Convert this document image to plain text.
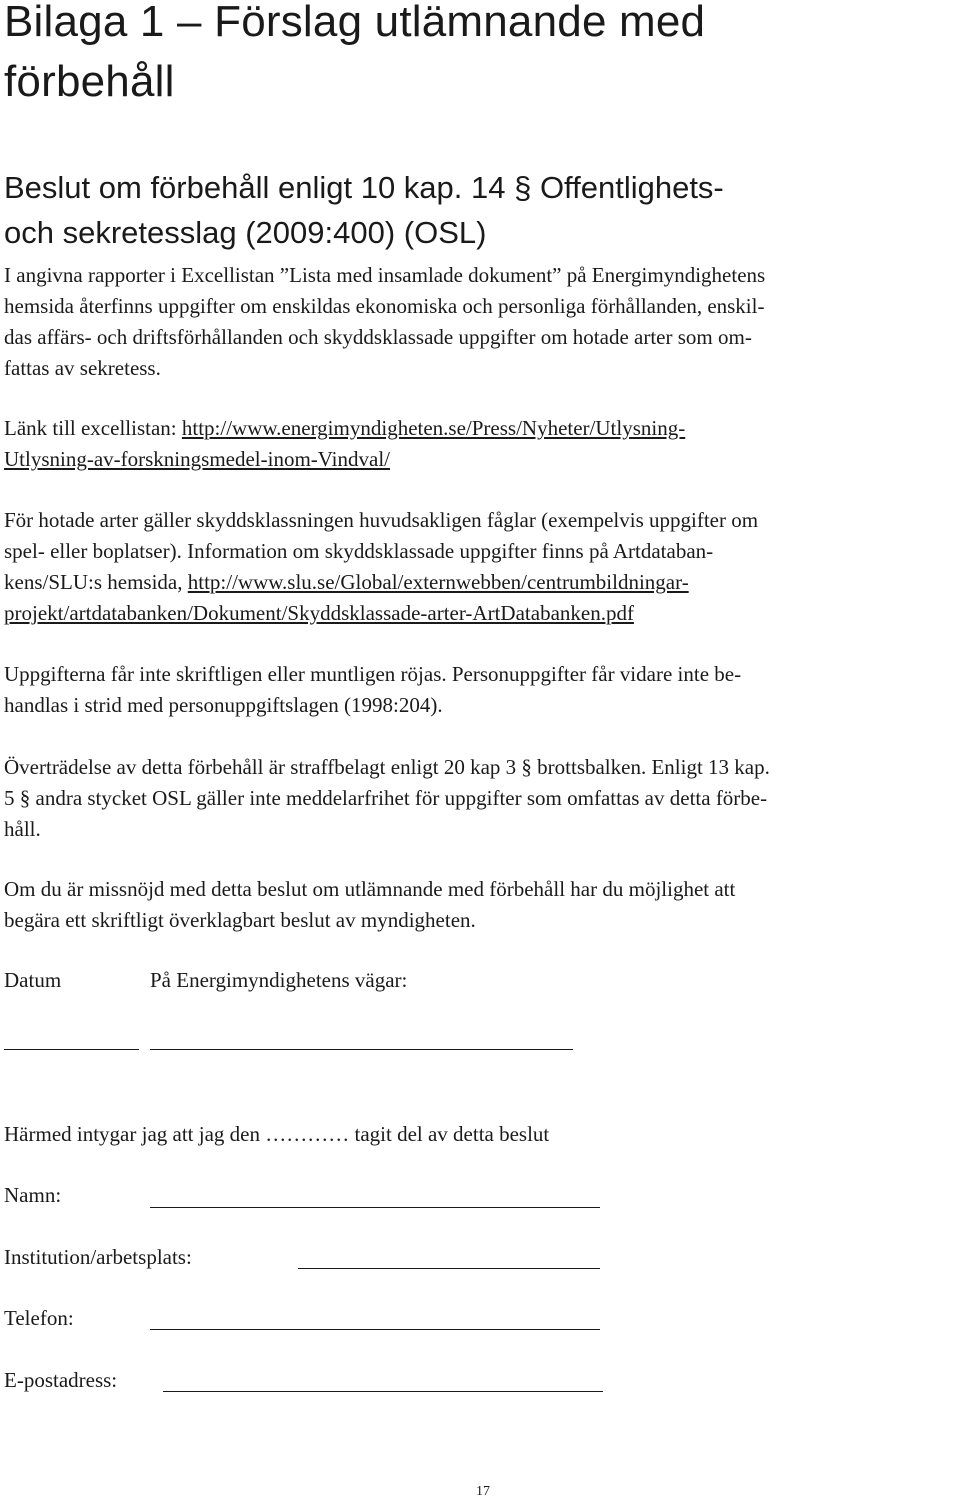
Bilaga 1 – Förslag utlämnande med
förbehåll
Beslut om förbehåll enligt 10 kap. 14 § Offentlighets-
och sekretesslag (2009:400) (OSL)
I angivna rapporter i Excellistan ”Lista med insamlade dokument” på Energimyndighetens
hemsida återfinns uppgifter om enskildas ekonomiska och personliga förhållanden, enskil-
das affärs- och driftsförhållanden och skyddsklassade uppgifter om hotade arter som om-
fattas av sekretess.
Länk till excellistan: http://www.energimyndigheten.se/Press/Nyheter/Utlysning-
Utlysning-av-forskningsmedel-inom-Vindval/
För hotade arter gäller skyddsklassningen huvudsakligen fåglar (exempelvis uppgifter om
spel- eller boplatser). Information om skyddsklassade uppgifter finns på Artdataban-
kens/SLU:s hemsida, http://www.slu.se/Global/externwebben/centrumbildningar-
projekt/artdatabanken/Dokument/Skyddsklassade-arter-ArtDatabanken.pdf
Uppgifterna får inte skriftligen eller muntligen röjas. Personuppgifter får vidare inte be-
handlas i strid med personuppgiftslagen (1998:204).
Överträdelse av detta förbehåll är straffbelagt enligt 20 kap 3 § brottsbalken. Enligt 13 kap.
5 § andra stycket OSL gäller inte meddelarfrihet för uppgifter som omfattas av detta förbe-
håll.
Om du är missnöjd med detta beslut om utlämnande med förbehåll har du möjlighet att
begära ett skriftligt överklagbart beslut av myndigheten.
Datum	På Energimyndighetens vägar:
Härmed intygar jag att jag den ………… tagit del av detta beslut
Namn:
Institution/arbetsplats:
Telefon:
E-postadress:
17
